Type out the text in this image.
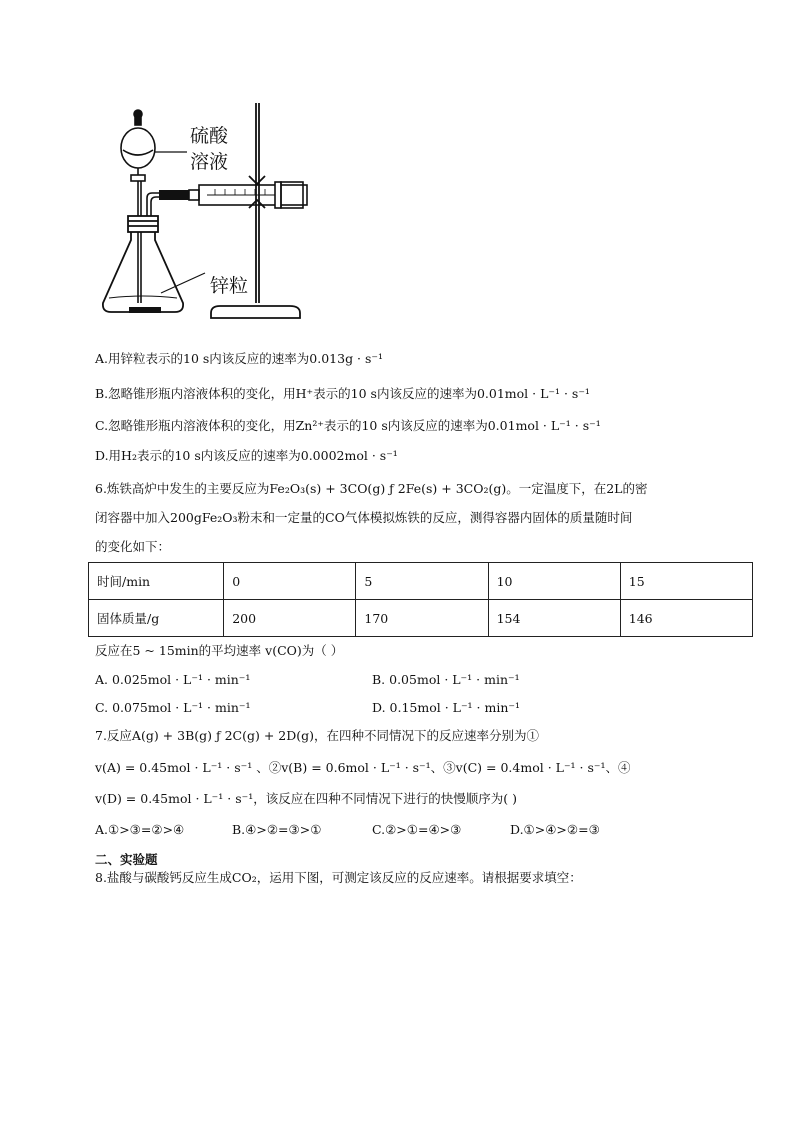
硫酸
溶液
锌粒
A.用锌粒表示的10 s内该反应的速率为0.013g · s⁻¹
B.忽略锥形瓶内溶液体积的变化，用H⁺表示的10 s内该反应的速率为0.01mol · L⁻¹ · s⁻¹
C.忽略锥形瓶内溶液体积的变化，用Zn²⁺表示的10 s内该反应的速率为0.01mol · L⁻¹ · s⁻¹
D.用H₂表示的10 s内该反应的速率为0.0002mol · s⁻¹
6.炼铁高炉中发生的主要反应为Fe₂O₃(s) + 3CO(g) ƒ 2Fe(s) + 3CO₂(g)。一定温度下，在2L的密
闭容器中加入200gFe₂O₃粉末和一定量的CO气体模拟炼铁的反应，测得容器内固体的质量随时间
的变化如下：
时间/min	0	5	10	15
固体质量/g	200	170	154	146
反应在5 ~ 15min的平均速率 v(CO)为（ ）
A. 0.025mol · L⁻¹ · min⁻¹	B. 0.05mol · L⁻¹ · min⁻¹
C. 0.075mol · L⁻¹ · min⁻¹	D. 0.15mol · L⁻¹ · min⁻¹
7.反应A(g) + 3B(g) ƒ 2C(g) + 2D(g)，在四种不同情况下的反应速率分别为①
v(A) = 0.45mol · L⁻¹ · s⁻¹ 、②v(B) = 0.6mol · L⁻¹ · s⁻¹、③v(C) = 0.4mol · L⁻¹ · s⁻¹、④
v(D) = 0.45mol · L⁻¹ · s⁻¹，该反应在四种不同情况下进行的快慢顺序为( )
A.①>③=②>④	B.④>②=③>①	C.②>①=④>③	D.①>④>②=③
二、实验题
8.盐酸与碳酸钙反应生成CO₂，运用下图，可测定该反应的反应速率。请根据要求填空：
